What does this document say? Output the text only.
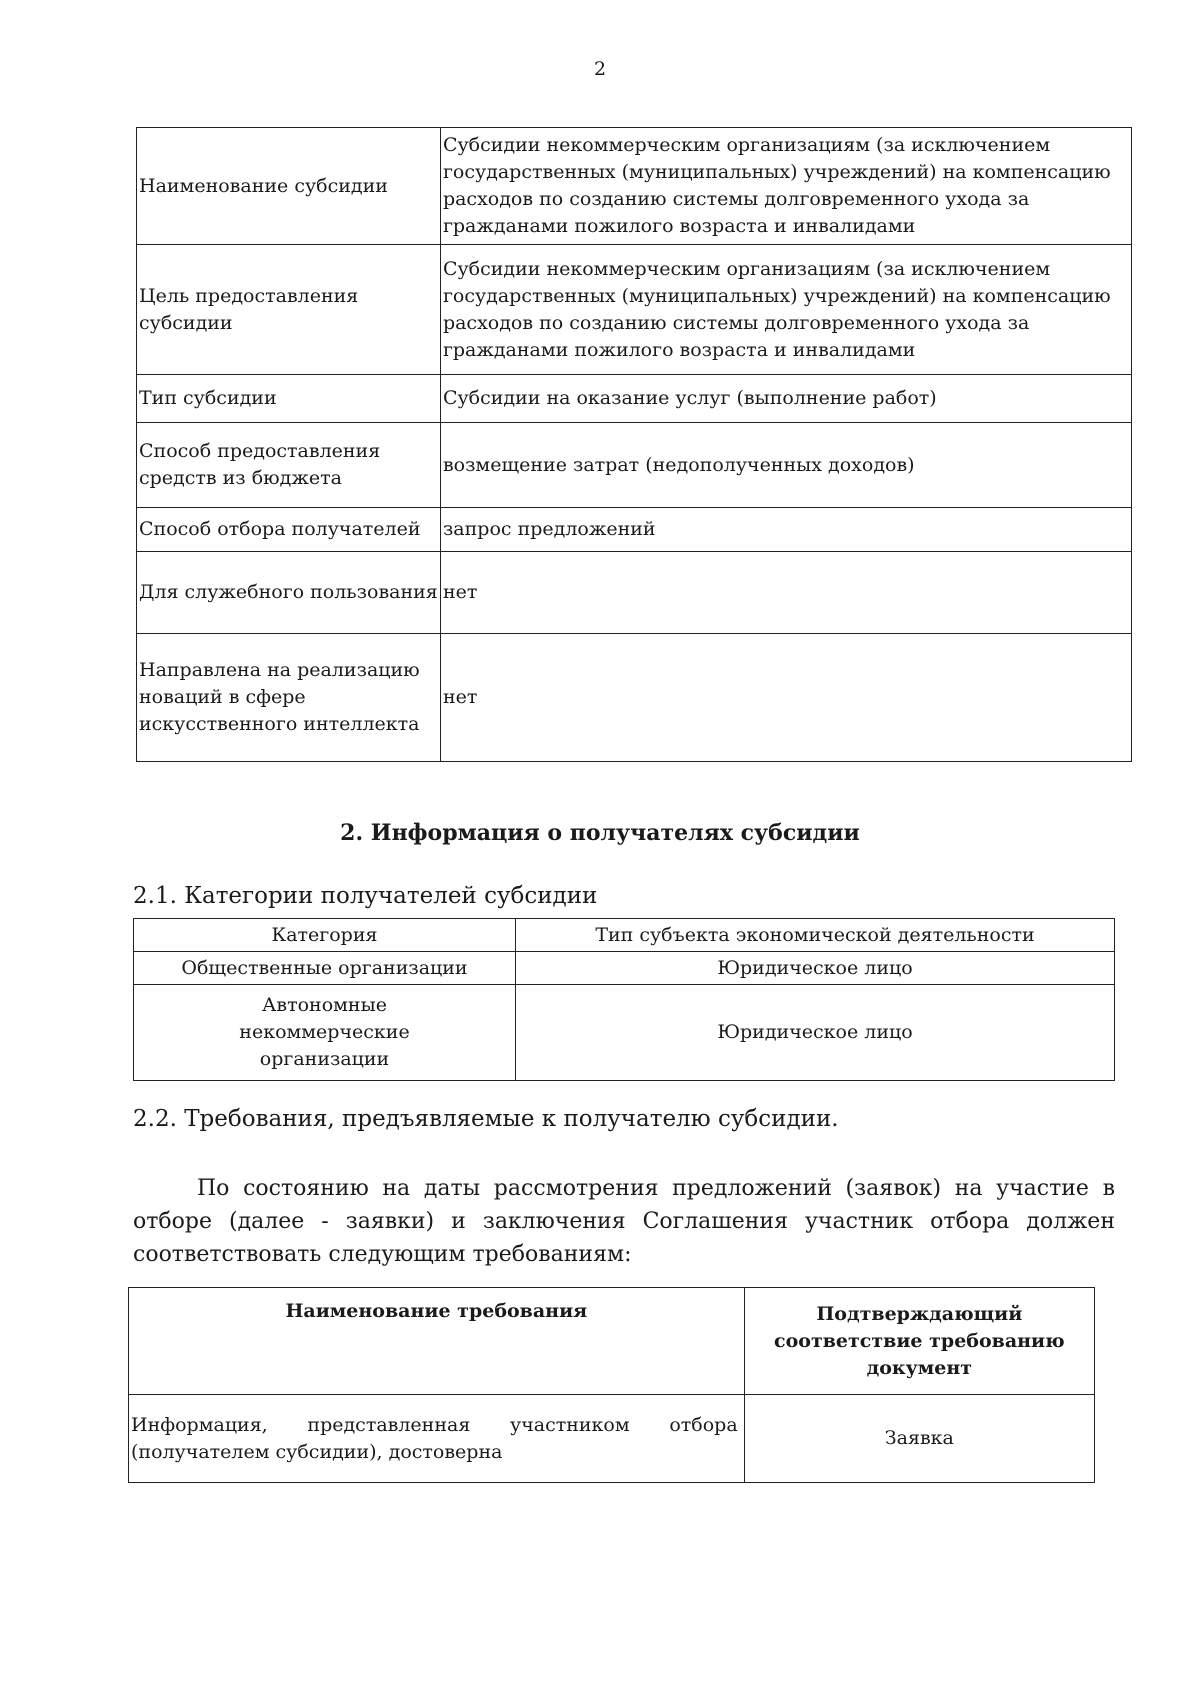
2
Наименование субсидии	Субсидии некоммерческим организациям (за исключением государственных (муниципальных) учреждений) на компенсацию расходов по созданию системы долговременного ухода за гражданами пожилого возраста и инвалидами
Цель предоставления субсидии	Субсидии некоммерческим организациям (за исключением государственных (муниципальных) учреждений) на компенсацию расходов по созданию системы долговременного ухода за гражданами пожилого возраста и инвалидами
Тип субсидии	Субсидии на оказание услуг (выполнение работ)
Способ предоставления средств из бюджета	возмещение затрат (недополученных доходов)
Способ отбора получателей	запрос предложений
Для служебного пользования	нет
Направлена на реализацию новаций в сфере искусственного интеллекта	нет
2. Информация о получателях субсидии
2.1. Категории получателей субсидии
Категория	Тип субъекта экономической деятельности
Общественные организации	Юридическое лицо
Автономные некоммерческие организации	Юридическое лицо
2.2. Требования, предъявляемые к получателю субсидии.
По состоянию на даты рассмотрения предложений (заявок) на участие в отборе (далее - заявки) и заключения Соглашения участник отбора должен соответствовать следующим требованиям:
Наименование требования	Подтверждающий соответствие требованию документ
Информация, представленная участником отбора (получателем субсидии), достоверна	Заявка
